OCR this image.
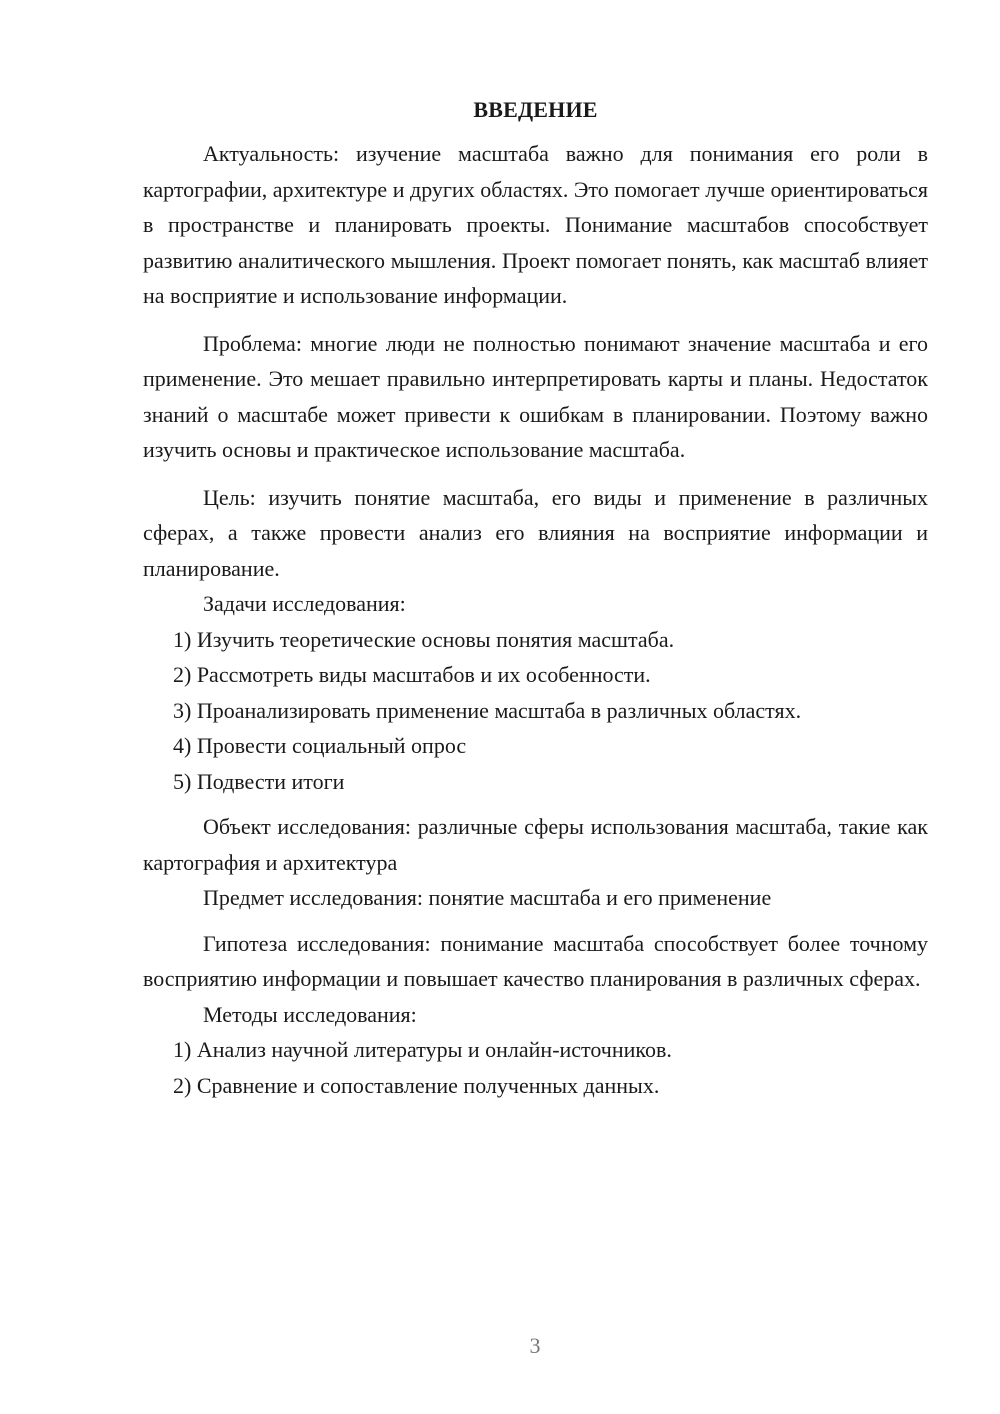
ВВЕДЕНИЕ

Актуальность: изучение масштаба важно для понимания его роли в картографии, архитектуре и других областях. Это помогает лучше ориентироваться в пространстве и планировать проекты. Понимание масштабов способствует развитию аналитического мышления. Проект помогает понять, как масштаб влияет на восприятие и использование информации.

Проблема: многие люди не полностью понимают значение масштаба и его применение. Это мешает правильно интерпретировать карты и планы. Недостаток знаний о масштабе может привести к ошибкам в планировании. Поэтому важно изучить основы и практическое использование масштаба.

Цель: изучить понятие масштаба, его виды и применение в различных сферах, а также провести анализ его влияния на восприятие информации и планирование.

Задачи исследования:

1) Изучить теоретические основы понятия масштаба.

2) Рассмотреть виды масштабов и их особенности.

3) Проанализировать применение масштаба в различных областях.

4) Провести социальный опрос

5) Подвести итоги

Объект исследования: различные сферы использования масштаба, такие как картография и архитектура

Предмет исследования: понятие масштаба и его применение

Гипотеза исследования: понимание масштаба способствует более точному восприятию информации и повышает качество планирования в различных сферах.

Методы исследования:

1) Анализ научной литературы и онлайн-источников.

2) Сравнение и сопоставление полученных данных.

3
